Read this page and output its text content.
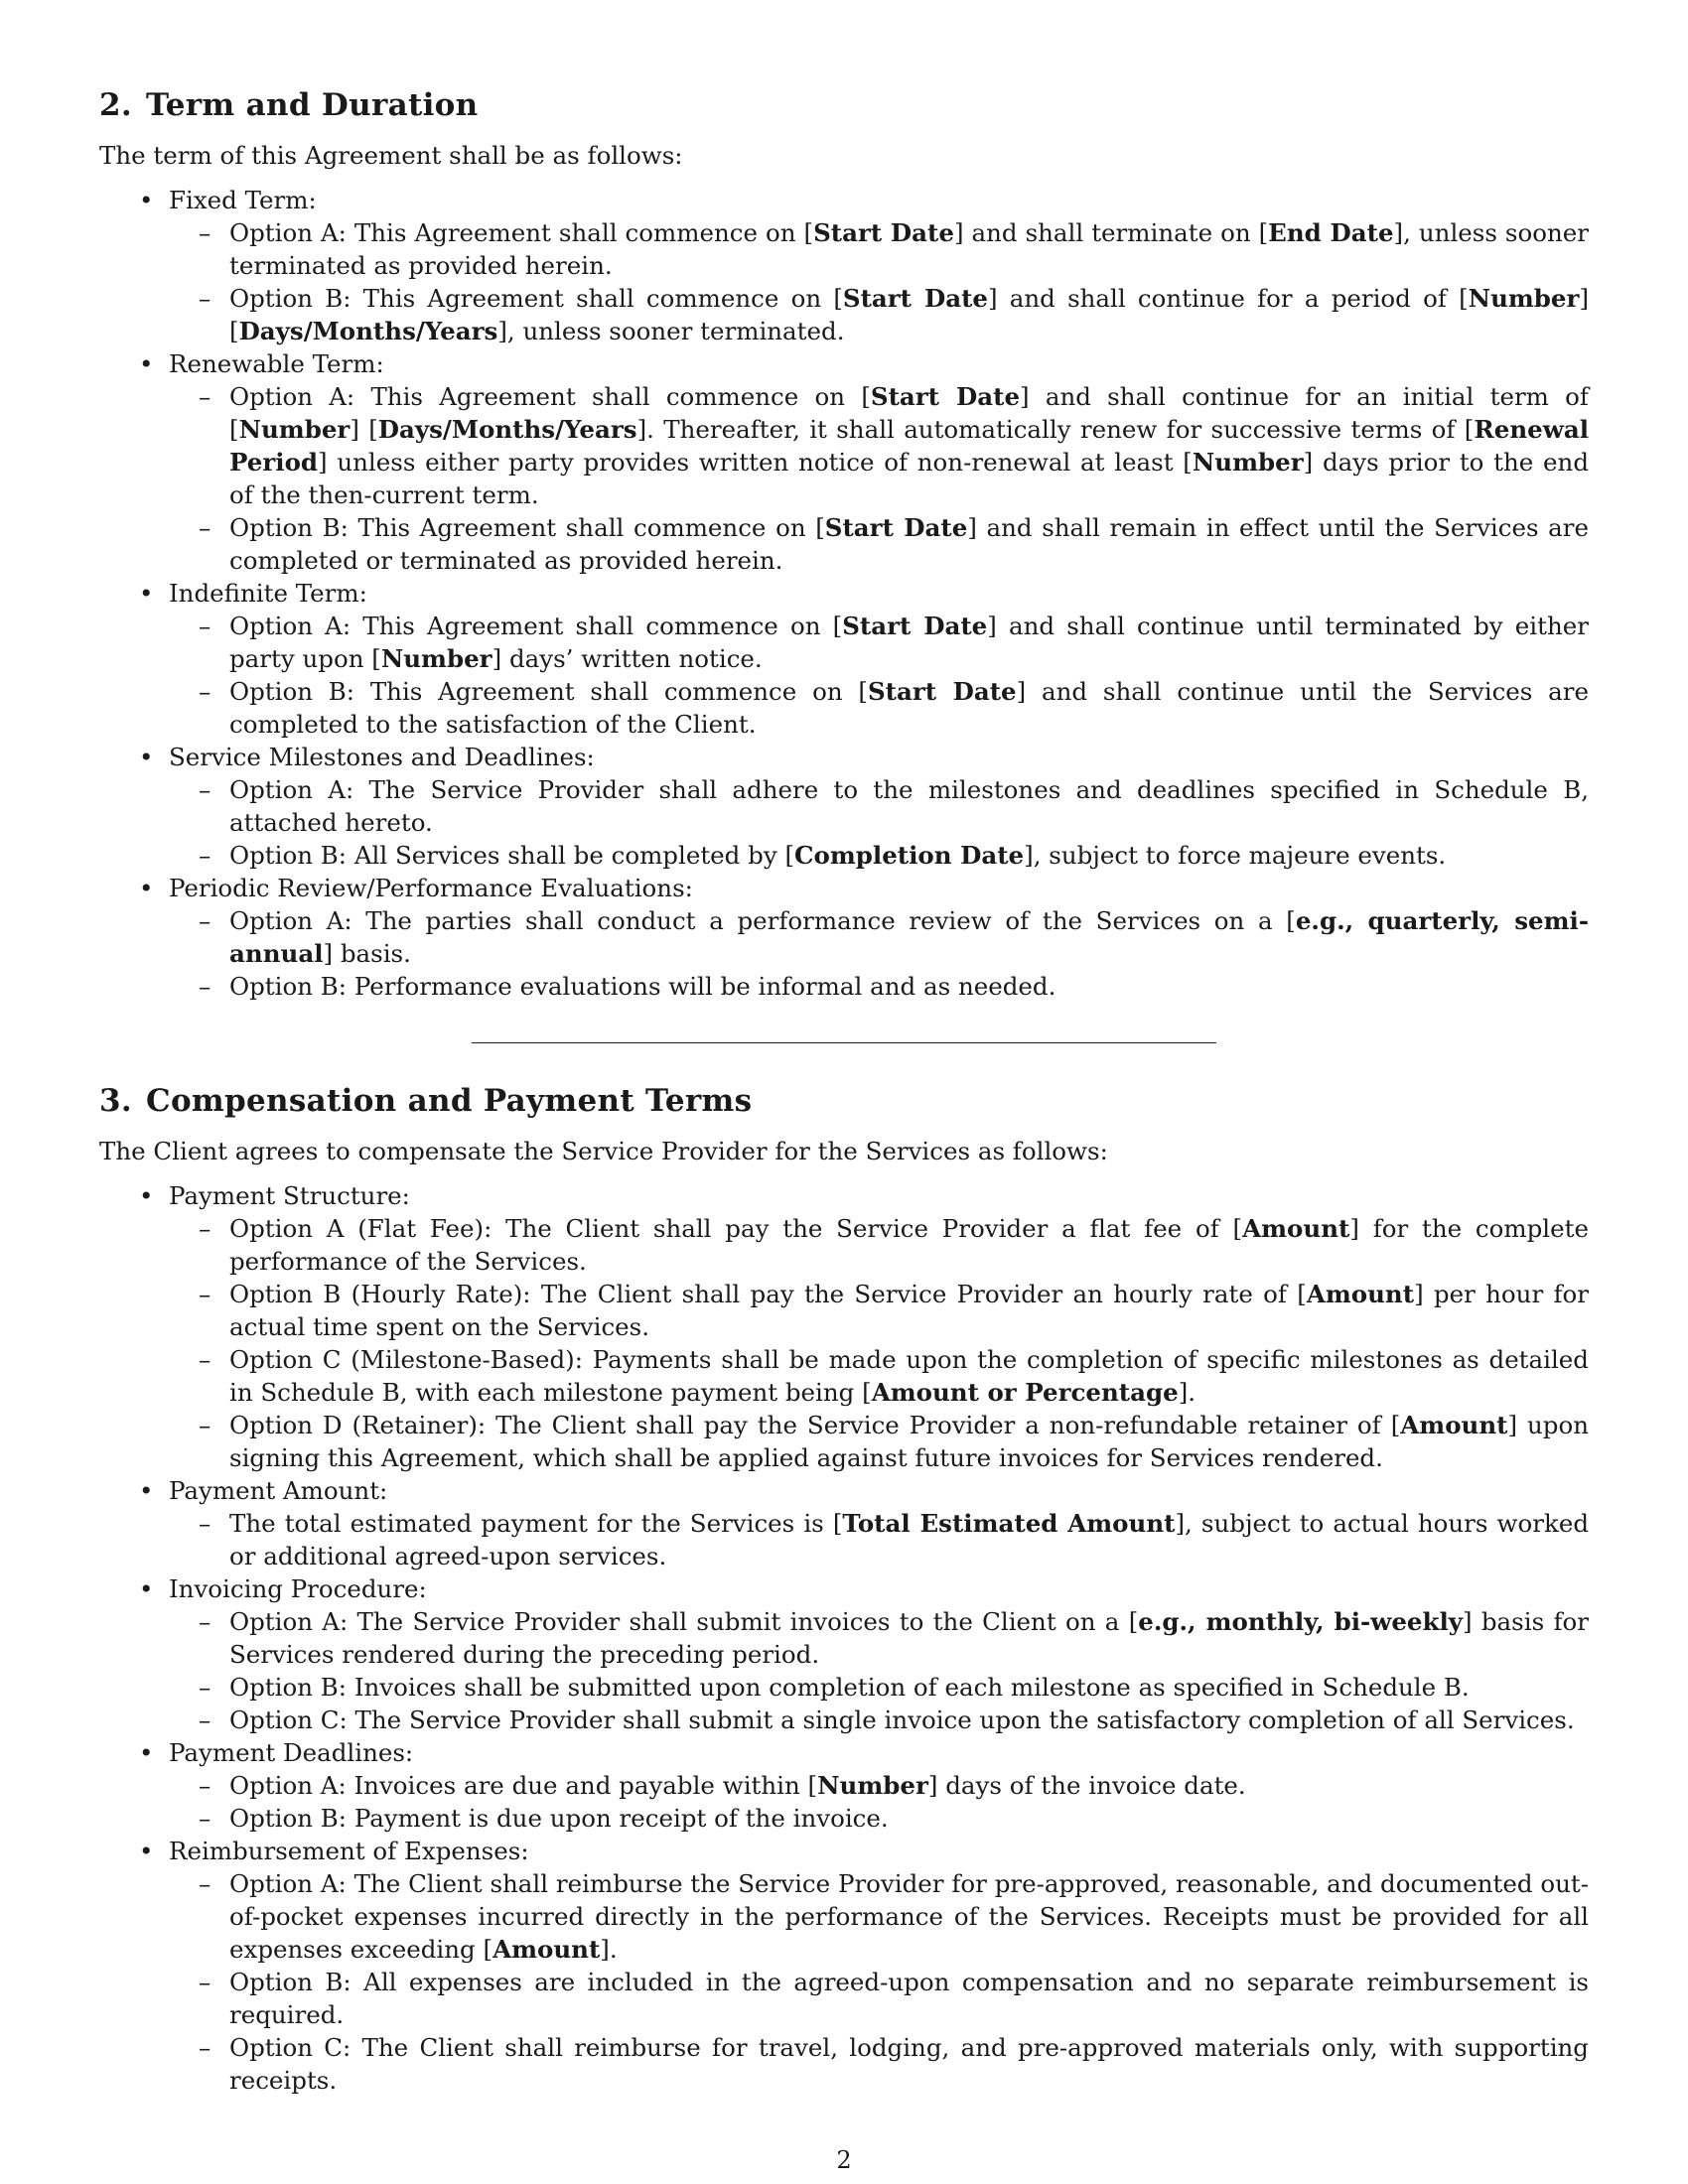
2. Term and Duration

The term of this Agreement shall be as follows:

• Fixed Term:
– Option A: This Agreement shall commence on [Start Date] and shall terminate on [End Date], unless sooner terminated as provided herein.
– Option B: This Agreement shall commence on [Start Date] and shall continue for a period of [Number] [Days/Months/Years], unless sooner terminated.
• Renewable Term:
– Option A: This Agreement shall commence on [Start Date] and shall continue for an initial term of [Number] [Days/Months/Years]. Thereafter, it shall automatically renew for successive terms of [Renewal Period] unless either party provides written notice of non-renewal at least [Number] days prior to the end of the then-current term.
– Option B: This Agreement shall commence on [Start Date] and shall remain in effect until the Services are completed or terminated as provided herein.
• Indefinite Term:
– Option A: This Agreement shall commence on [Start Date] and shall continue until terminated by either party upon [Number] days’ written notice.
– Option B: This Agreement shall commence on [Start Date] and shall continue until the Services are completed to the satisfaction of the Client.
• Service Milestones and Deadlines:
– Option A: The Service Provider shall adhere to the milestones and deadlines specified in Schedule B, attached hereto.
– Option B: All Services shall be completed by [Completion Date], subject to force majeure events.
• Periodic Review/Performance Evaluations:
– Option A: The parties shall conduct a performance review of the Services on a [e.g., quarterly, semi-annual] basis.
– Option B: Performance evaluations will be informal and as needed.
3. Compensation and Payment Terms

The Client agrees to compensate the Service Provider for the Services as follows:

• Payment Structure:
– Option A (Flat Fee): The Client shall pay the Service Provider a flat fee of [Amount] for the complete performance of the Services.
– Option B (Hourly Rate): The Client shall pay the Service Provider an hourly rate of [Amount] per hour for actual time spent on the Services.
– Option C (Milestone-Based): Payments shall be made upon the completion of specific milestones as detailed in Schedule B, with each milestone payment being [Amount or Percentage].
– Option D (Retainer): The Client shall pay the Service Provider a non-refundable retainer of [Amount] upon signing this Agreement, which shall be applied against future invoices for Services rendered.
• Payment Amount:
– The total estimated payment for the Services is [Total Estimated Amount], subject to actual hours worked or additional agreed-upon services.
• Invoicing Procedure:
– Option A: The Service Provider shall submit invoices to the Client on a [e.g., monthly, bi-weekly] basis for Services rendered during the preceding period.
– Option B: Invoices shall be submitted upon completion of each milestone as specified in Schedule B.
– Option C: The Service Provider shall submit a single invoice upon the satisfactory completion of all Services.
• Payment Deadlines:
– Option A: Invoices are due and payable within [Number] days of the invoice date.
– Option B: Payment is due upon receipt of the invoice.
• Reimbursement of Expenses:
– Option A: The Client shall reimburse the Service Provider for pre-approved, reasonable, and documented out-of-pocket expenses incurred directly in the performance of the Services. Receipts must be provided for all expenses exceeding [Amount].
– Option B: All expenses are included in the agreed-upon compensation and no separate reimbursement is required.
– Option C: The Client shall reimburse for travel, lodging, and pre-approved materials only, with supporting receipts.
2
